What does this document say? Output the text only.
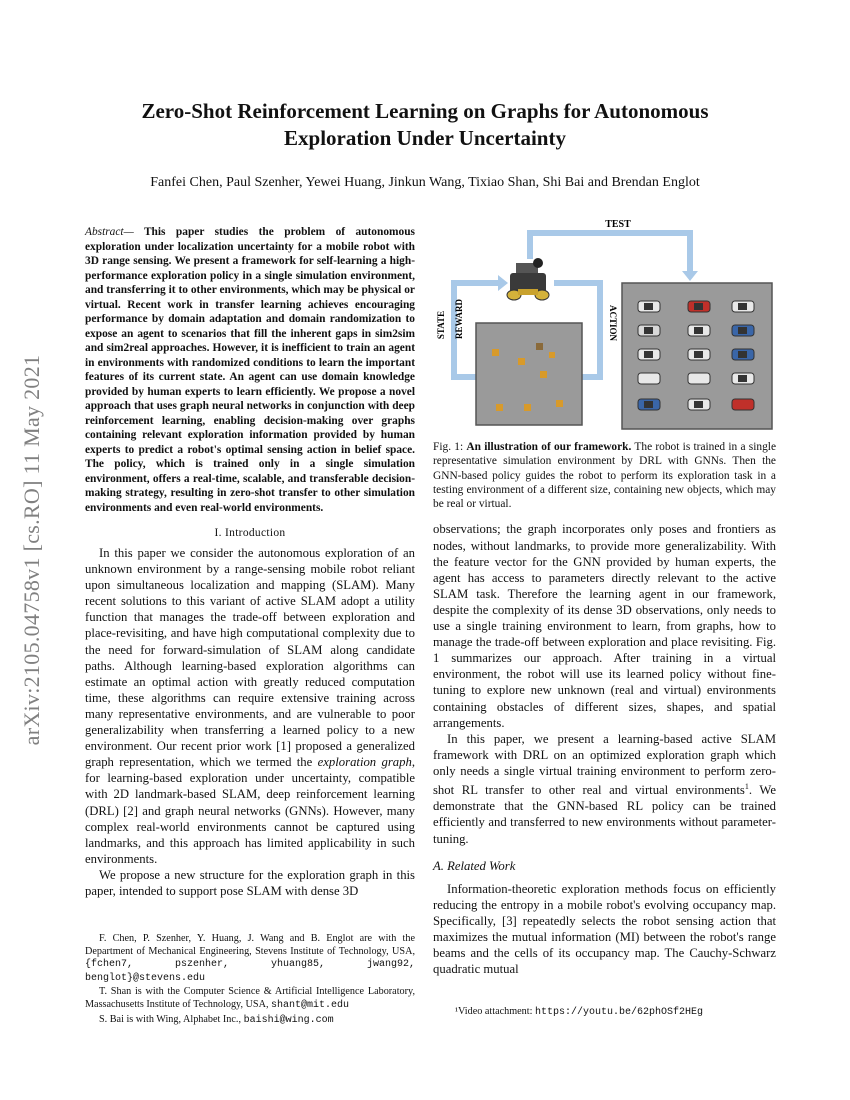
arXiv:2105.04758v1 [cs.RO] 11 May 2021
Zero-Shot Reinforcement Learning on Graphs for Autonomous
Exploration Under Uncertainty
Fanfei Chen, Paul Szenher, Yewei Huang, Jinkun Wang, Tixiao Shan, Shi Bai and Brendan Englot
Abstract— This paper studies the problem of autonomous exploration under localization uncertainty for a mobile robot with 3D range sensing. We present a framework for self-learning a high-performance exploration policy in a single simulation environment, and transferring it to other environments, which may be physical or virtual. Recent work in transfer learning achieves encouraging performance by domain adaptation and domain randomization to expose an agent to scenarios that fill the inherent gaps in sim2sim and sim2real approaches. However, it is inefficient to train an agent in environments with randomized conditions to learn the important features of its current state. An agent can use domain knowledge provided by human experts to learn efficiently. We propose a novel approach that uses graph neural networks in conjunction with deep reinforcement learning, enabling decision-making over graphs containing relevant exploration information provided by human experts to predict a robot's optimal sensing action in belief space. The policy, which is trained only in a single simulation environment, offers a real-time, scalable, and transferable decision-making strategy, resulting in zero-shot transfer to other simulation environments and even real-world environments.
I. Introduction

In this paper we consider the autonomous exploration of an unknown environment by a range-sensing mobile robot reliant upon simultaneous localization and mapping (SLAM). Many recent solutions to this variant of active SLAM adopt a utility function that manages the trade-off between exploration and place-revisiting, and have high computational complexity due to the need for forward-simulation of SLAM along candidate paths. Although learning-based exploration algorithms can estimate an optimal action with greatly reduced computation time, these algorithms can require extensive training across many representative environments, and are vulnerable to poor generalizability when transferring a learned policy to a new environment. Our recent prior work [1] proposed a generalized graph representation, which we termed the exploration graph, for learning-based exploration under uncertainty, compatible with 2D landmark-based SLAM, deep reinforcement learning (DRL) [2] and graph neural networks (GNNs). However, many complex real-world environments cannot be captured using landmarks, and this approach has limited applicability in such environments.

We propose a new structure for the exploration graph in this paper, intended to support pose SLAM with dense 3D

F. Chen, P. Szenher, Y. Huang, J. Wang and B. Englot are with the Department of Mechanical Engineering, Stevens Institute of Technology, USA, {fchen7, pszenher, yhuang85, jwang92, benglot}@stevens.edu

T. Shan is with the Computer Science & Artificial Intelligence Laboratory, Massachusetts Institute of Technology, USA, shant@mit.edu

S. Bai is with Wing, Alphabet Inc., baishi@wing.com

TEST
STATE REWARD	ACTION
Fig. 1: An illustration of our framework. The robot is trained in a single representative simulation environment by DRL with GNNs. Then the GNN-based policy guides the robot to perform its exploration task in a testing environment of a different size, containing new objects, which may be real or virtual.

observations; the graph incorporates only poses and frontiers as nodes, without landmarks, to provide more generalizability. With the feature vector for the GNN provided by human experts, the agent has access to parameters directly relevant to the active SLAM task. Therefore the learning agent in our framework, despite the complexity of its dense 3D observations, only needs to use a single training environment to learn, from graphs, how to manage the trade-off between exploration and place revisiting. Fig. 1 summarizes our approach. After training in a virtual environment, the robot will use its learned policy without fine-tuning to explore new unknown (real and virtual) environments containing obstacles of different sizes, shapes, and spatial arrangements.

In this paper, we present a learning-based active SLAM framework with DRL on an optimized exploration graph which only needs a single virtual training environment to perform zero-shot RL transfer to other real and virtual environments$^1$. We demonstrate that the GNN-based RL policy can be trained efficiently and transferred to new environments without parameter-tuning.

A. Related Work

Information-theoretic exploration methods focus on efficiently reducing the entropy in a mobile robot's evolving occupancy map. Specifically, [3] repeatedly selects the robot sensing action that maximizes the mutual information (MI) between the robot's range beams and the cells of its occupancy map. The Cauchy-Schwarz quadratic mutual

¹Video attachment: https://youtu.be/62phOSf2HEg
